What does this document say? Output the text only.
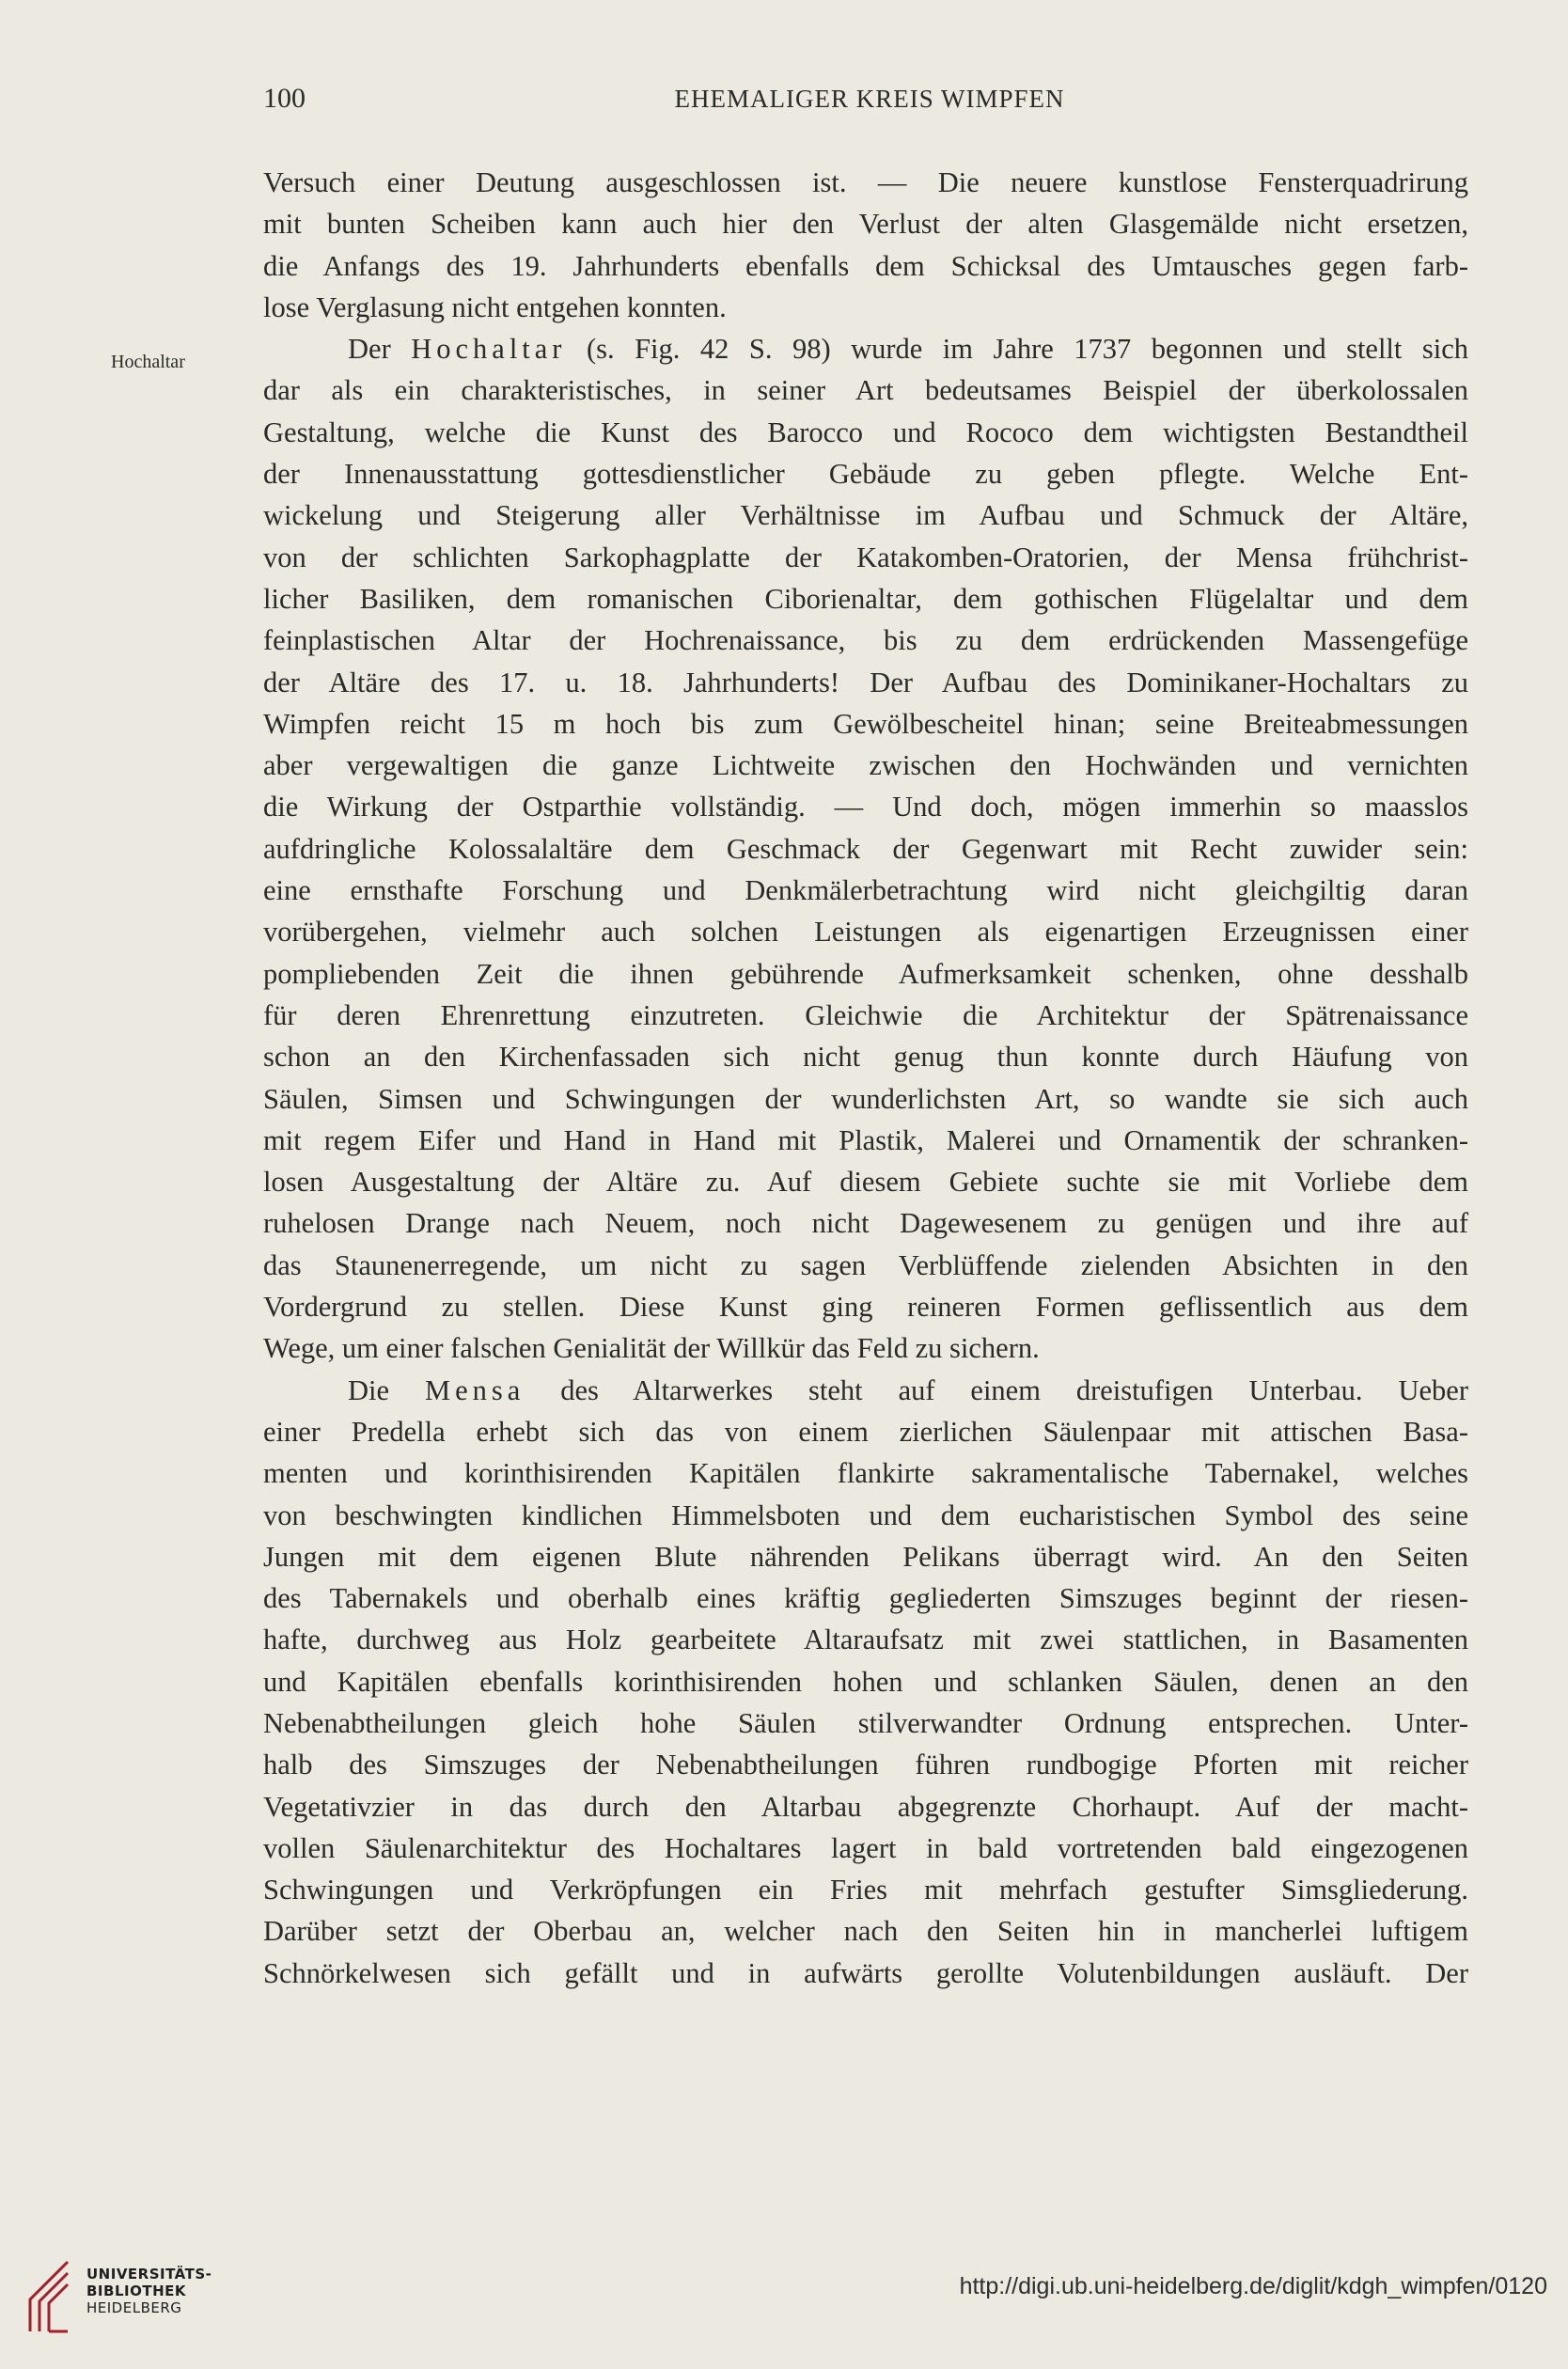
100	EHEMALIGER KREIS WIMPFEN
Hochaltar
Versuch einer Deutung ausgeschlossen ist. — Die neuere kunstlose Fensterquadrirung
mit bunten Scheiben kann auch hier den Verlust der alten Glasgemälde nicht ersetzen,
die Anfangs des 19. Jahrhunderts ebenfalls dem Schicksal des Umtausches gegen farb-
lose Verglasung nicht entgehen konnten.
Der Hochaltar (s. Fig. 42 S. 98) wurde im Jahre 1737 begonnen und stellt sich
dar als ein charakteristisches, in seiner Art bedeutsames Beispiel der überkolossalen
Gestaltung, welche die Kunst des Barocco und Rococo dem wichtigsten Bestandtheil
der Innenausstattung gottesdienstlicher Gebäude zu geben pflegte. Welche Ent-
wickelung und Steigerung aller Verhältnisse im Aufbau und Schmuck der Altäre,
von der schlichten Sarkophagplatte der Katakomben-Oratorien, der Mensa frühchrist-
licher Basiliken, dem romanischen Ciborienaltar, dem gothischen Flügelaltar und dem
feinplastischen Altar der Hochrenaissance, bis zu dem erdrückenden Massengefüge
der Altäre des 17. u. 18. Jahrhunderts! Der Aufbau des Dominikaner-Hochaltars zu
Wimpfen reicht 15 m hoch bis zum Gewölbescheitel hinan; seine Breiteabmessungen
aber vergewaltigen die ganze Lichtweite zwischen den Hochwänden und vernichten
die Wirkung der Ostparthie vollständig. — Und doch, mögen immerhin so maasslos
aufdringliche Kolossalaltäre dem Geschmack der Gegenwart mit Recht zuwider sein:
eine ernsthafte Forschung und Denkmälerbetrachtung wird nicht gleichgiltig daran
vorübergehen, vielmehr auch solchen Leistungen als eigenartigen Erzeugnissen einer
pompliebenden Zeit die ihnen gebührende Aufmerksamkeit schenken, ohne desshalb
für deren Ehrenrettung einzutreten. Gleichwie die Architektur der Spätrenaissance
schon an den Kirchenfassaden sich nicht genug thun konnte durch Häufung von
Säulen, Simsen und Schwingungen der wunderlichsten Art, so wandte sie sich auch
mit regem Eifer und Hand in Hand mit Plastik, Malerei und Ornamentik der schranken-
losen Ausgestaltung der Altäre zu. Auf diesem Gebiete suchte sie mit Vorliebe dem
ruhelosen Drange nach Neuem, noch nicht Dagewesenem zu genügen und ihre auf
das Staunenerregende, um nicht zu sagen Verblüffende zielenden Absichten in den
Vordergrund zu stellen. Diese Kunst ging reineren Formen geflissentlich aus dem
Wege, um einer falschen Genialität der Willkür das Feld zu sichern.
Die Mensa des Altarwerkes steht auf einem dreistufigen Unterbau. Ueber
einer Predella erhebt sich das von einem zierlichen Säulenpaar mit attischen Basa-
menten und korinthisirenden Kapitälen flankirte sakramentalische Tabernakel, welches
von beschwingten kindlichen Himmelsboten und dem eucharistischen Symbol des seine
Jungen mit dem eigenen Blute nährenden Pelikans überragt wird. An den Seiten
des Tabernakels und oberhalb eines kräftig gegliederten Simszuges beginnt der riesen-
hafte, durchweg aus Holz gearbeitete Altaraufsatz mit zwei stattlichen, in Basamenten
und Kapitälen ebenfalls korinthisirenden hohen und schlanken Säulen, denen an den
Nebenabtheilungen gleich hohe Säulen stilverwandter Ordnung entsprechen. Unter-
halb des Simszuges der Nebenabtheilungen führen rundbogige Pforten mit reicher
Vegetativzier in das durch den Altarbau abgegrenzte Chorhaupt. Auf der macht-
vollen Säulenarchitektur des Hochaltares lagert in bald vortretenden bald eingezogenen
Schwingungen und Verkröpfungen ein Fries mit mehrfach gestufter Simsgliederung.
Darüber setzt der Oberbau an, welcher nach den Seiten hin in mancherlei luftigem
Schnörkelwesen sich gefällt und in aufwärts gerollte Volutenbildungen ausläuft. Der
UNIVERSITÄTS-
BIBLIOTHEK
HEIDELBERG
http://digi.ub.uni-heidelberg.de/diglit/kdgh_wimpfen/0120
